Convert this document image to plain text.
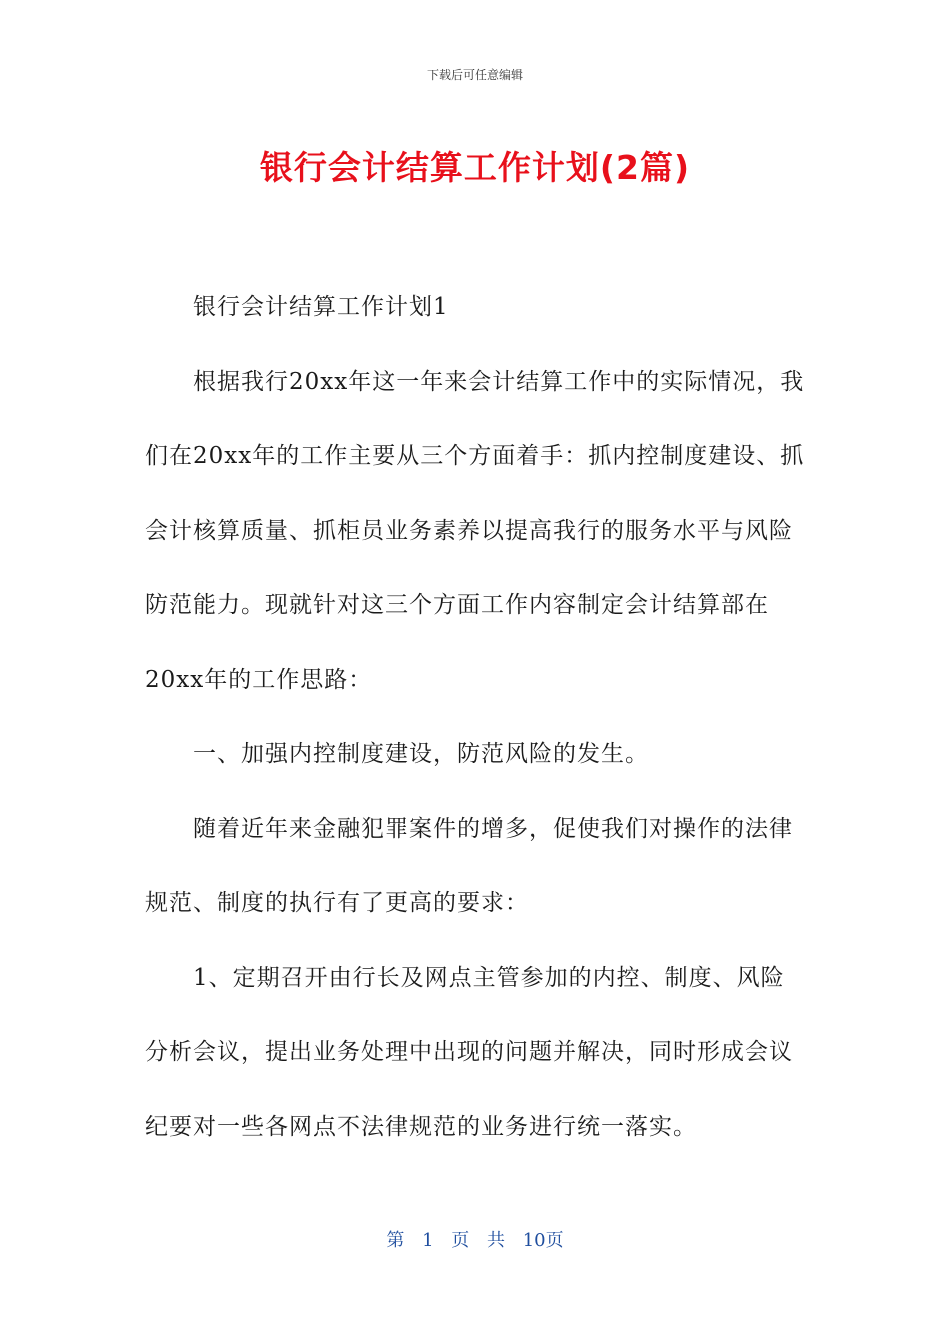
下载后可任意编辑
银行会计结算工作计划(2篇)

银行会计结算工作计划1

根据我行20xx年这一年来会计结算工作中的实际情况，我们在20xx年的工作主要从三个方面着手：抓内控制度建设、抓会计核算质量、抓柜员业务素养以提高我行的服务水平与风险防范能力。现就针对这三个方面工作内容制定会计结算部在20xx年的工作思路：

一、加强内控制度建设，防范风险的发生。

随着近年来金融犯罪案件的增多，促使我们对操作的法律规范、制度的执行有了更高的要求：

1、定期召开由行长及网点主管参加的内控、制度、风险分析会议，提出业务处理中出现的问题并解决，同时形成会议纪要对一些各网点不法律规范的业务进行统一落实。

第 1 页 共 10页
